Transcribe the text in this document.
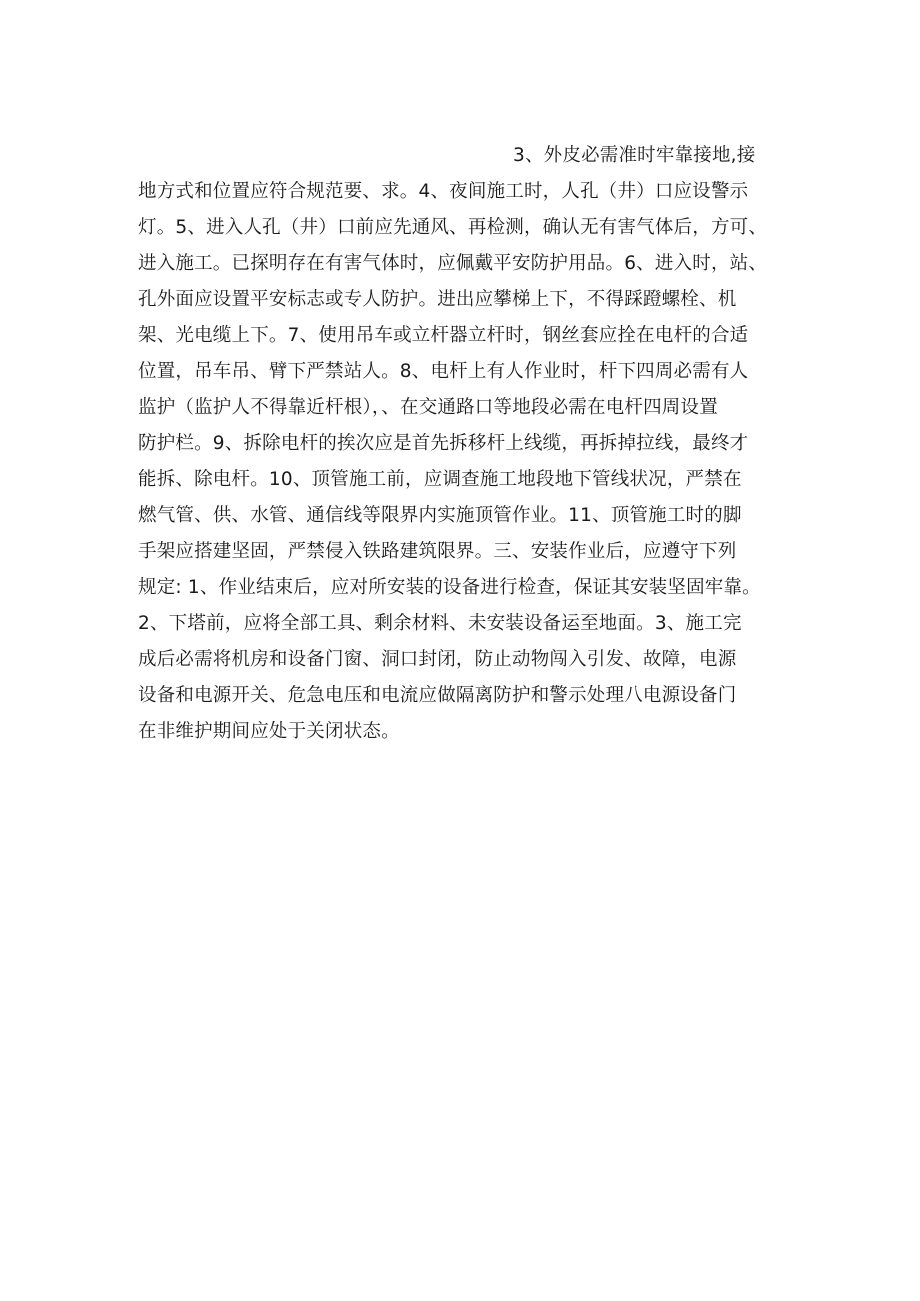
3、外皮必需准时牢靠接地,接
地方式和位置应符合规范要、求。4、夜间施工时，人孔（井）口应设警示
灯。5、进入人孔（井）口前应先通风、再检测，确认无有害气体后，方可、
进入施工。已探明存在有害气体时，应佩戴平安防护用品。6、进入时，站、
孔外面应设置平安标志或专人防护。进出应攀梯上下，不得踩蹬螺栓、机
架、光电缆上下。7、使用吊车或立杆器立杆时，钢丝套应拴在电杆的合适
位置，吊车吊、臂下严禁站人。8、电杆上有人作业时，杆下四周必需有人
监护（监护人不得靠近杆根），、在交通路口等地段必需在电杆四周设置
防护栏。9、拆除电杆的挨次应是首先拆移杆上线缆，再拆掉拉线，最终才
能拆、除电杆。10、顶管施工前，应调查施工地段地下管线状况，严禁在
燃气管、供、水管、通信线等限界内实施顶管作业。11、顶管施工时的脚
手架应搭建坚固，严禁侵入铁路建筑限界。三、安装作业后，应遵守下列
规定: 1、作业结束后，应对所安装的设备进行检查，保证其安装坚固牢靠。
2、下塔前，应将全部工具、剩余材料、未安装设备运至地面。3、施工完
成后必需将机房和设备门窗、洞口封闭，防止动物闯入引发、故障，电源
设备和电源开关、危急电压和电流应做隔离防护和警示处理八电源设备门
在非维护期间应处于关闭状态。
